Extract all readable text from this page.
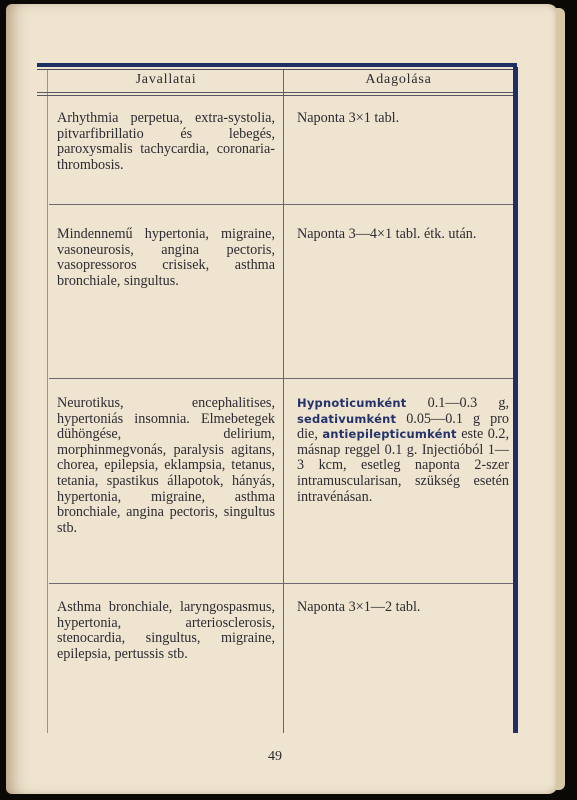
Javallatai	Adagolása

Arhythmia perpetua, extra-systolia, pitvarfibrillatio és lebegés, paroxysmalis tachycardia, coronaria-thrombosis.

Naponta 3×1 tabl.

Mindennemű hypertonia, migraine, vasoneurosis, angina pectoris, vasopressoros crisisek, asthma bronchiale, singultus.

Naponta 3—4×1 tabl. étk. után.

Neurotikus, encephalitises, hypertoniás insomnia. Elmebetegek dühöngése, delirium, morphinmegvonás, paralysis agitans, chorea, epilepsia, eklampsia, tetanus, tetania, spastikus állapotok, hányás, hypertonia, migraine, asthma bronchiale, angina pectoris, singultus stb.

Hypnoticumként 0.1—0.3 g, sedativumként 0.05—0.1 g pro die, antiepilepticumként este 0.2, másnap reggel 0.1 g. Injectióból 1—3 kcm, esetleg naponta 2-szer intramuscularisan, szükség esetén intravénásan.

Asthma bronchiale, laryngospasmus, hypertonia, arteriosclerosis, stenocardia, singultus, migraine, epilepsia, pertussis stb.

Naponta 3×1—2 tabl.

49
